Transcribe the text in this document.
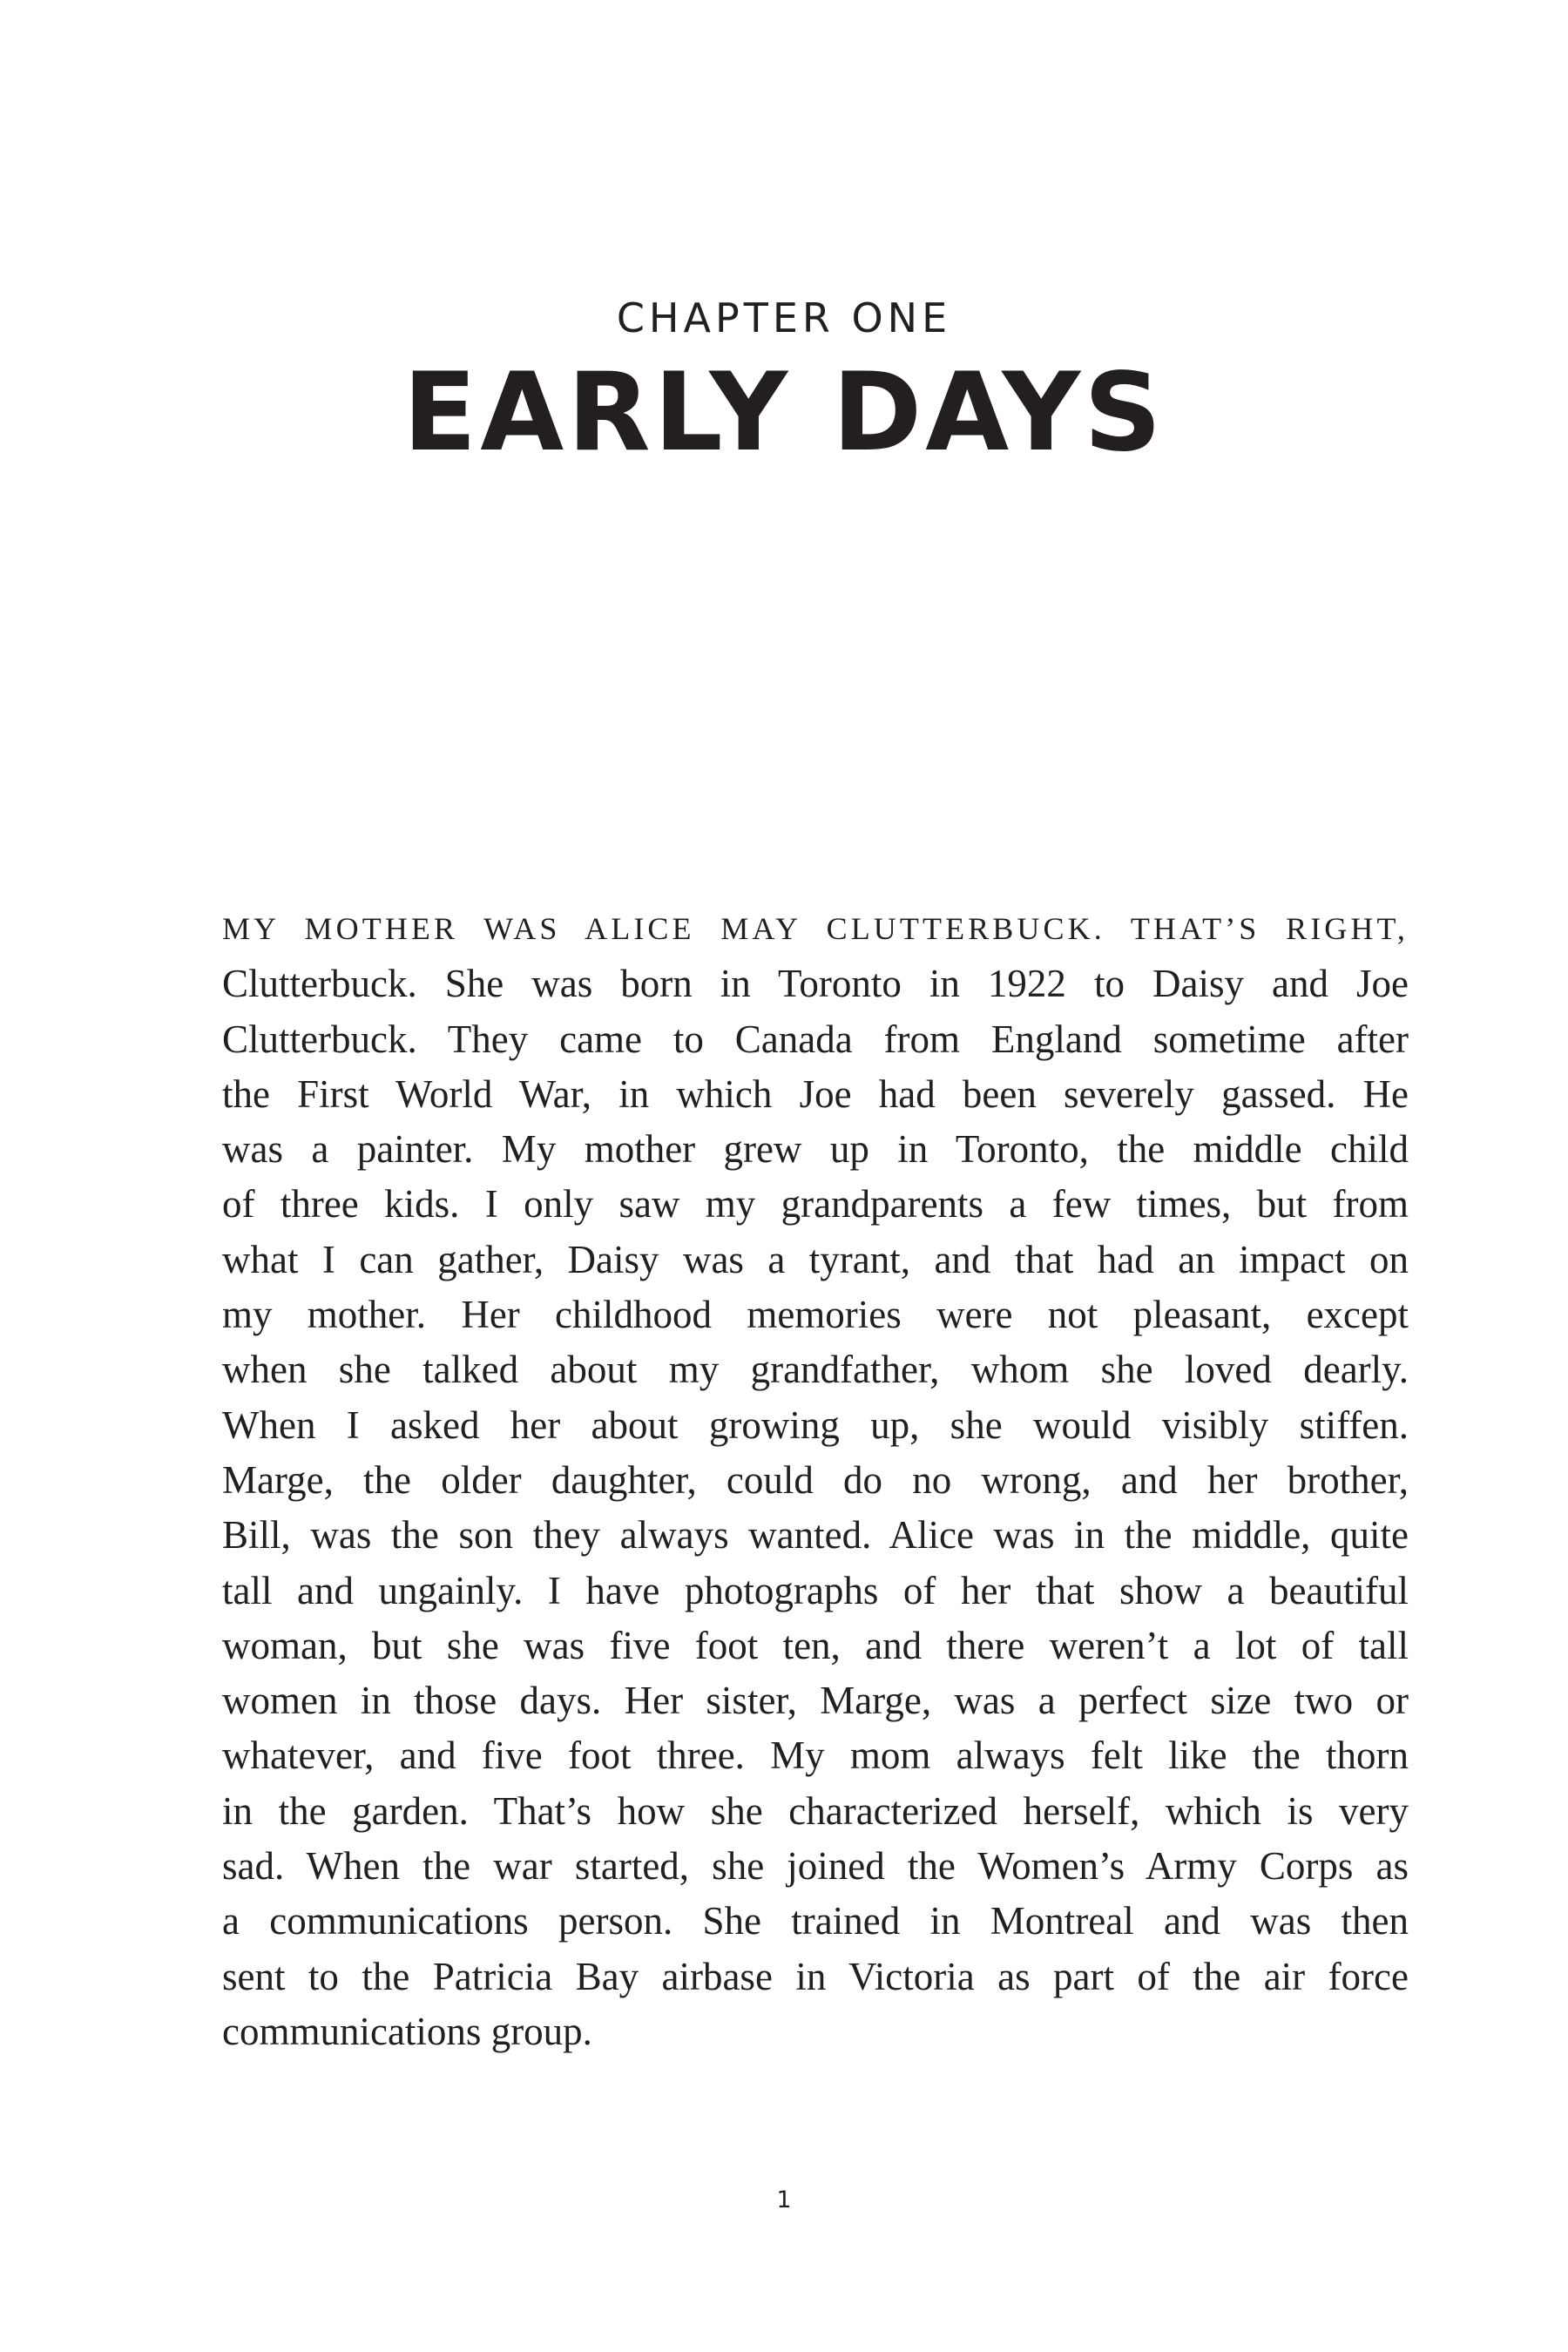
CHAPTER ONE
EARLY DAYS
MY MOTHER WAS ALICE MAY CLUTTERBUCK. THAT’S RIGHT,
Clutterbuck. She was born in Toronto in 1922 to Daisy and Joe
Clutterbuck. They came to Canada from England sometime after
the First World War, in which Joe had been severely gassed. He
was a painter. My mother grew up in Toronto, the middle child
of three kids. I only saw my grandparents a few times, but from
what I can gather, Daisy was a tyrant, and that had an impact on
my mother. Her childhood memories were not pleasant, except
when she talked about my grandfather, whom she loved dearly.
When I asked her about growing up, she would visibly stiffen.
Marge, the older daughter, could do no wrong, and her brother,
Bill, was the son they always wanted. Alice was in the middle, quite
tall and ungainly. I have photographs of her that show a beautiful
woman, but she was five foot ten, and there weren’t a lot of tall
women in those days. Her sister, Marge, was a perfect size two or
whatever, and five foot three. My mom always felt like the thorn
in the garden. That’s how she characterized herself, which is very
sad. When the war started, she joined the Women’s Army Corps as
a communications person. She trained in Montreal and was then
sent to the Patricia Bay airbase in Victoria as part of the air force
communications group.
1
